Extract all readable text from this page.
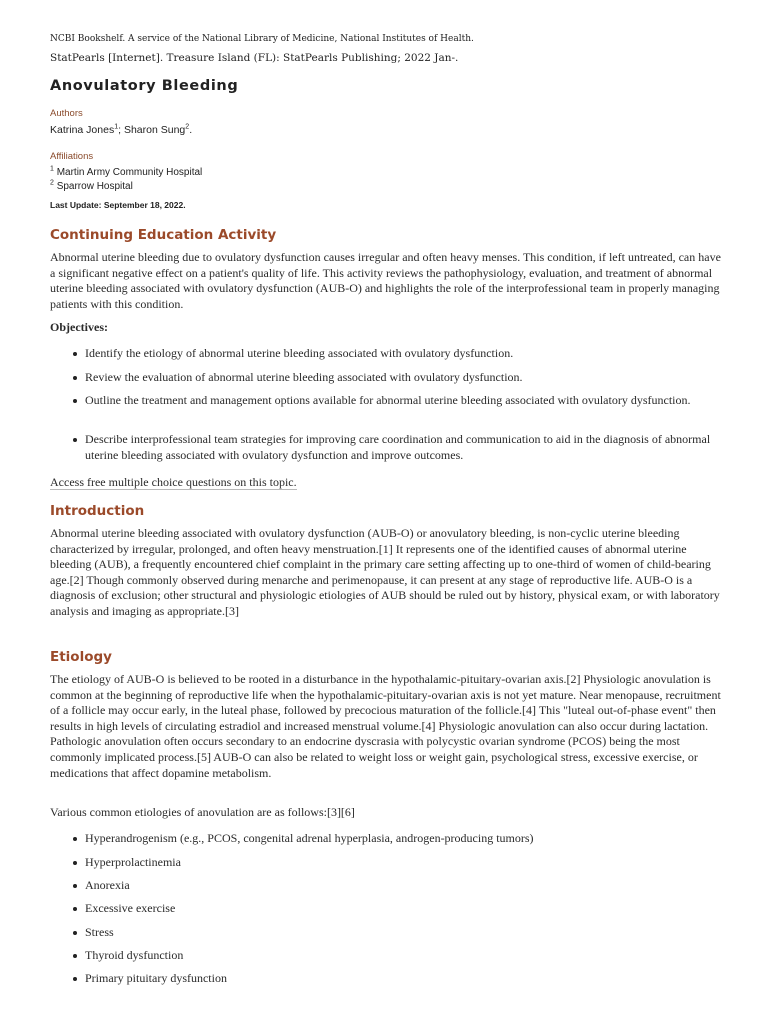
NCBI Bookshelf. A service of the National Library of Medicine, National Institutes of Health.
StatPearls [Internet]. Treasure Island (FL): StatPearls Publishing; 2022 Jan-.
Anovulatory Bleeding
Authors
Katrina Jones$^1$; Sharon Sung$^2$.
Affiliations
$^1$ Martin Army Community Hospital
$^2$ Sparrow Hospital
Last Update: September 18, 2022.
Continuing Education Activity

Abnormal uterine bleeding due to ovulatory dysfunction causes irregular and often heavy menses. This condition, if left untreated, can have a significant negative effect on a patient's quality of life. This activity reviews the pathophysiology, evaluation, and treatment of abnormal uterine bleeding associated with ovulatory dysfunction (AUB-O) and highlights the role of the interprofessional team in properly managing patients with this condition.

Objectives:
Identify the etiology of abnormal uterine bleeding associated with ovulatory dysfunction.
Review the evaluation of abnormal uterine bleeding associated with ovulatory dysfunction.
Outline the treatment and management options available for abnormal uterine bleeding associated with ovulatory dysfunction.
Describe interprofessional team strategies for improving care coordination and communication to aid in the diagnosis of abnormal uterine bleeding associated with ovulatory dysfunction and improve outcomes.
Access free multiple choice questions on this topic.
Introduction

Abnormal uterine bleeding associated with ovulatory dysfunction (AUB-O) or anovulatory bleeding, is non-cyclic uterine bleeding characterized by irregular, prolonged, and often heavy menstruation.[1] It represents one of the identified causes of abnormal uterine bleeding (AUB), a frequently encountered chief complaint in the primary care setting affecting up to one-third of women of child-bearing age.[2] Though commonly observed during menarche and perimenopause, it can present at any stage of reproductive life. AUB-O is a diagnosis of exclusion; other structural and physiologic etiologies of AUB should be ruled out by history, physical exam, or with laboratory analysis and imaging as appropriate.[3]

Etiology

The etiology of AUB-O is believed to be rooted in a disturbance in the hypothalamic-pituitary-ovarian axis.[2] Physiologic anovulation is common at the beginning of reproductive life when the hypothalamic-pituitary-ovarian axis is not yet mature. Near menopause, recruitment of a follicle may occur early, in the luteal phase, followed by precocious maturation of the follicle.[4] This "luteal out-of-phase event" then results in high levels of circulating estradiol and increased menstrual volume.[4] Physiologic anovulation can also occur during lactation. Pathologic anovulation often occurs secondary to an endocrine dyscrasia with polycystic ovarian syndrome (PCOS) being the most commonly implicated process.[5] AUB-O can also be related to weight loss or weight gain, psychological stress, excessive exercise, or medications that affect dopamine metabolism.

Various common etiologies of anovulation are as follows:[3][6]
Hyperandrogenism (e.g., PCOS, congenital adrenal hyperplasia, androgen-producing tumors)
Hyperprolactinemia
Anorexia
Excessive exercise
Stress
Thyroid dysfunction
Primary pituitary dysfunction
